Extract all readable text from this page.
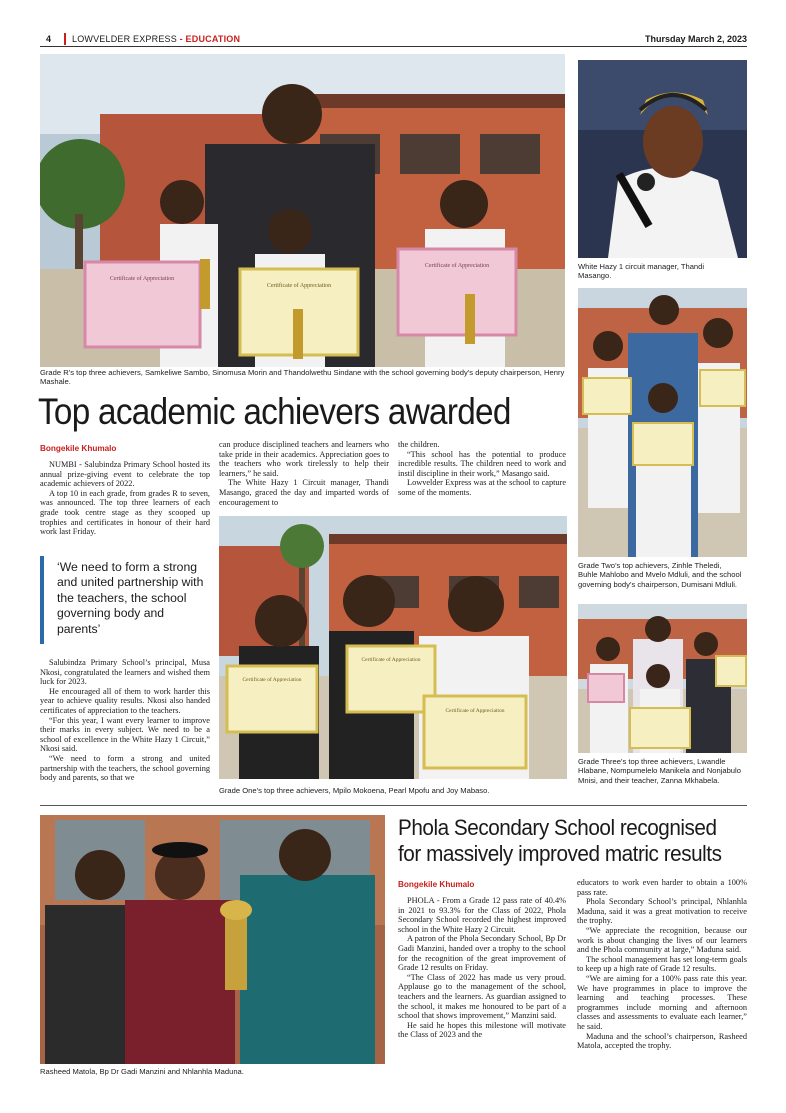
4 LOWVELDER EXPRESS - EDUCATION	Thursday March 2, 2023
Certificate of Appreciation
Certificate of Appreciation
Certificate of Appreciation
Grade R’s top three achievers, Samkeliwe Sambo, Sinomusa Morin and Thandolwethu Sindane with the school governing body’s deputy chairperson, Henry Mashale.
White Hazy 1 circuit manager, Thandi Masango.
Grade Two’s top achievers, Zinhle Theledi, Buhle Mahlobo and Mvelo Mdluli, and the school governing body’s chairperson, Dumisani Mdluli.
Grade Three’s top three achievers, Lwandle Hlabane, Nompumelelo Manikela and Nonjabulo Mnisi, and their teacher, Zanna Mkhabela.
Top academic achievers awarded
Bongekile Khumalo

NUMBI - Salubindza Primary School hosted its annual prize-giving event to celebrate the top academic achievers of 2022.

A top 10 in each grade, from grades R to seven, was announced. The top three learners of each grade took centre stage as they scooped up trophies and certificates in honour of their hard work last Friday.

‘We need to form a strong and united partnership with the teachers, the school governing body and parents’

Salubindza Primary School’s principal, Musa Nkosi, congratulated the learners and wished them luck for 2023.

He encouraged all of them to work harder this year to achieve quality results. Nkosi also handed certificates of appreciation to the teachers.

“For this year, I want every learner to improve their marks in every subject. We need to be a school of excellence in the White Hazy 1 Circuit,” Nkosi said.

“We need to form a strong and united partnership with the teachers, the school governing body and parents, so that we

can produce disciplined teachers and learners who take pride in their academics. Appreciation goes to the teachers who work tirelessly to help their learners,” he said.

The White Hazy 1 Circuit manager, Thandi Masango, graced the day and imparted words of encouragement to

the children.

“This school has the potential to produce incredible results. The children need to work and instil discipline in their work,” Masango said.

Lowvelder Express was at the school to capture some of the moments.

Certificate of Appreciation
Certificate of Appreciation
Certificate of Appreciation
Grade One’s top three achievers, Mpilo Mokoena, Pearl Mpofu and Joy Mabaso.
Rasheed Matola, Bp Dr Gadi Manzini and Nhlanhla Maduna.
Phola Secondary School recognised
for massively improved matric results
Bongekile Khumalo

PHOLA - From a Grade 12 pass rate of 40.4% in 2021 to 93.3% for the Class of 2022, Phola Secondary School recorded the highest improved school in the White Hazy 2 Circuit.

A patron of the Phola Secondary School, Bp Dr Gadi Manzini, handed over a trophy to the school for the recognition of the great improvement of Grade 12 results on Friday.

“The Class of 2022 has made us very proud. Applause go to the management of the school, teachers and the learners. As guardian assigned to the school, it makes me honoured to be part of a school that shows improvement,” Manzini said.

He said he hopes this milestone will motivate the Class of 2023 and the

educators to work even harder to obtain a 100% pass rate.

Phola Secondary School’s principal, Nhlanhla Maduna, said it was a great motivation to receive the trophy.

“We appreciate the recognition, because our work is about changing the lives of our learners and the Phola community at large,” Maduna said.

The school management has set long-term goals to keep up a high rate of Grade 12 results.

“We are aiming for a 100% pass rate this year. We have programmes in place to improve the learning and teaching processes. These programmes include morning and afternoon classes and assessments to evaluate each learner,” he said.

Maduna and the school’s chairperson, Rasheed Matola, accepted the trophy.
